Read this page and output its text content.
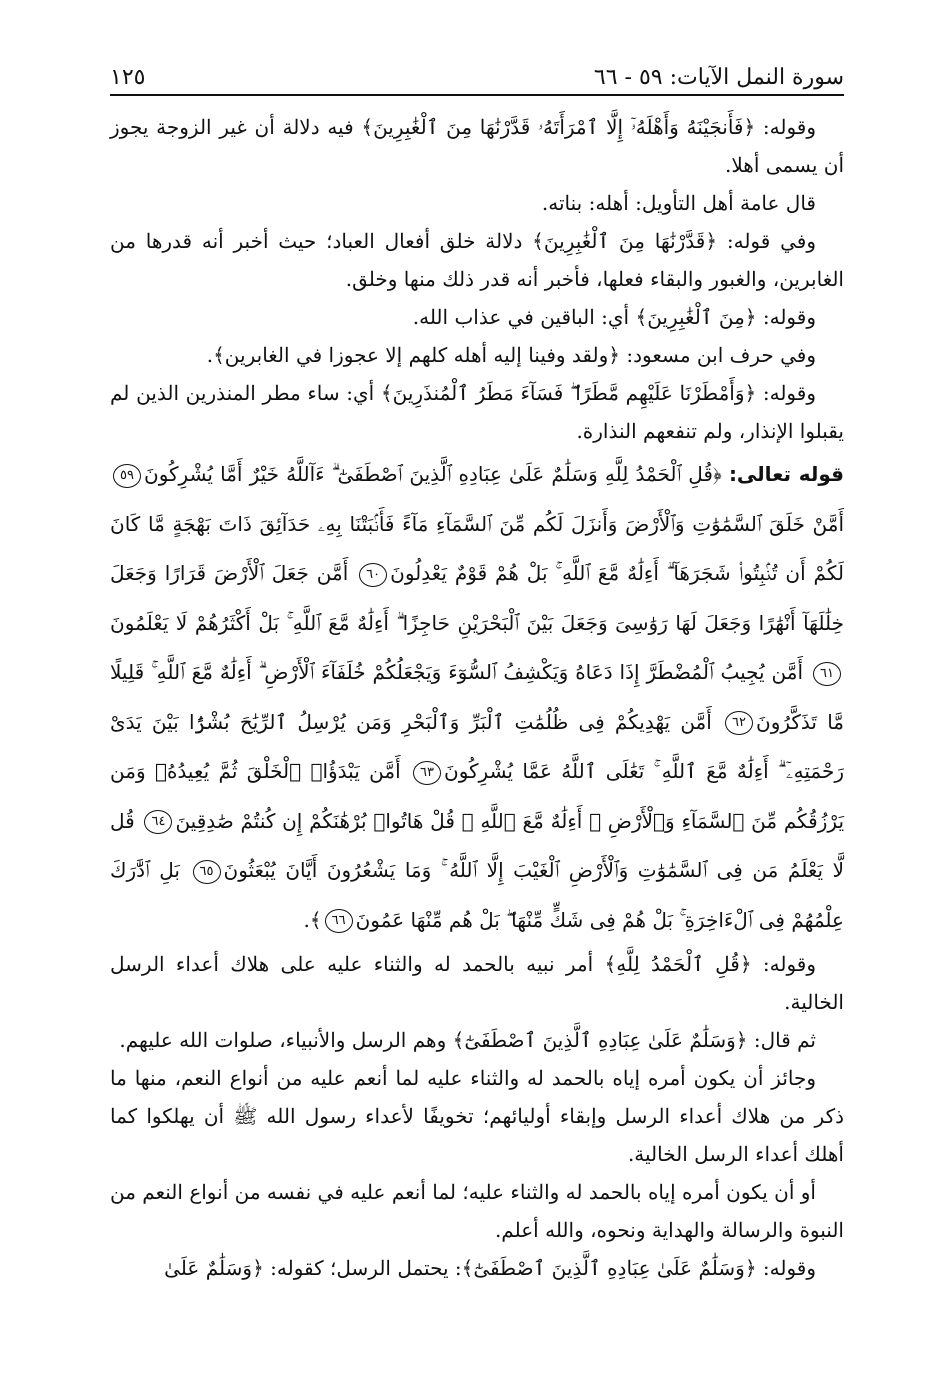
سورة النمل الآيات: ٥٩ - ٦٦
١٢٥

وقوله: ﴿فَأَنجَيْنَهُ وَأَهْلَهُۥٓ إِلَّا ٱمْرَأَتَهُۥ قَدَّرْنَٰهَا مِنَ ٱلْغَٰبِرِينَ﴾ فيه دلالة أن غير الزوجة يجوز أن يسمى أهلا.

قال عامة أهل التأويل: أهله: بناته.

وفي قوله: ﴿قَدَّرْنَٰهَا مِنَ ٱلْغَٰبِرِينَ﴾ دلالة خلق أفعال العباد؛ حيث أخبر أنه قدرها من الغابرين، والغبور والبقاء فعلها، فأخبر أنه قدر ذلك منها وخلق.

وقوله: ﴿مِنَ ٱلْغَٰبِرِينَ﴾ أي: الباقين في عذاب الله.

وفي حرف ابن مسعود: ﴿ولقد وفينا إليه أهله كلهم إلا عجوزا في الغابرين﴾.

وقوله: ﴿وَأَمْطَرْنَا عَلَيْهِم مَّطَرًا ۖ فَسَآءَ مَطَرُ ٱلْمُنذَرِينَ﴾ أي: ساء مطر المنذرين الذين لم يقبلوا الإنذار، ولم تنفعهم النذارة.

قوله تعالى: ﴿قُلِ ٱلْحَمْدُ لِلَّهِ وَسَلَٰمٌ عَلَىٰ عِبَادِهِ ٱلَّذِينَ ٱصْطَفَىٰٓ ۗ ءَآللَّهُ خَيْرٌ أَمَّا يُشْرِكُونَ٥٩ أَمَّنْ خَلَقَ ٱلسَّمَٰوَٰتِ وَٱلْأَرْضَ وَأَنزَلَ لَكُم مِّنَ ٱلسَّمَآءِ مَآءً فَأَنۢبَتْنَا بِهِۦ حَدَآئِقَ ذَاتَ بَهْجَةٍ مَّا كَانَ لَكُمْ أَن تُنۢبِتُوا۟ شَجَرَهَآ ۗ أَءِلَٰهٌ مَّعَ ٱللَّهِ ۚ بَلْ هُمْ قَوْمٌ يَعْدِلُونَ٦٠ أَمَّن جَعَلَ ٱلْأَرْضَ قَرَارًا وَجَعَلَ خِلَٰلَهَآ أَنْهَٰرًا وَجَعَلَ لَهَا رَوَٰسِىَ وَجَعَلَ بَيْنَ ٱلْبَحْرَيْنِ حَاجِزًا ۗ أَءِلَٰهٌ مَّعَ ٱللَّهِ ۚ بَلْ أَكْثَرُهُمْ لَا يَعْلَمُونَ٦١ أَمَّن يُجِيبُ ٱلْمُضْطَرَّ إِذَا دَعَاهُ وَيَكْشِفُ ٱلسُّوٓءَ وَيَجْعَلُكُمْ خُلَفَآءَ ٱلْأَرْضِ ۗ أَءِلَٰهٌ مَّعَ ٱللَّهِ ۚ قَلِيلًا مَّا تَذَكَّرُونَ٦٢ أَمَّن يَهْدِيكُمْ فِى ظُلُمَٰتِ ٱلْبَرِّ وَٱلْبَحْرِ وَمَن يُرْسِلُ ٱلرِّيَٰحَ بُشْرًۢا بَيْنَ يَدَىْ رَحْمَتِهِۦٓ ۗ أَءِلَٰهٌ مَّعَ ٱللَّهِ ۚ تَعَٰلَى ٱللَّهُ عَمَّا يُشْرِكُونَ٦٣ أَمَّن يَبْدَؤُا۟ ٱلْخَلْقَ ثُمَّ يُعِيدُهُۥ وَمَن يَرْزُقُكُم مِّنَ ٱلسَّمَآءِ وَٱلْأَرْضِ ۗ أَءِلَٰهٌ مَّعَ ٱللَّهِ ۚ قُلْ هَاتُوا۟ بُرْهَٰنَكُمْ إِن كُنتُمْ صَٰدِقِينَ٦٤ قُل لَّا يَعْلَمُ مَن فِى ٱلسَّمَٰوَٰتِ وَٱلْأَرْضِ ٱلْغَيْبَ إِلَّا ٱللَّهُ ۚ وَمَا يَشْعُرُونَ أَيَّانَ يُبْعَثُونَ٦٥ بَلِ ٱدَّٰرَكَ عِلْمُهُمْ فِى ٱلْءَاخِرَةِ ۚ بَلْ هُمْ فِى شَكٍّ مِّنْهَا ۖ بَلْ هُم مِّنْهَا عَمُونَ٦٦﴾.

وقوله: ﴿قُلِ ٱلْحَمْدُ لِلَّهِ﴾ أمر نبيه بالحمد له والثناء عليه على هلاك أعداء الرسل الخالية.

ثم قال: ﴿وَسَلَٰمٌ عَلَىٰ عِبَادِهِ ٱلَّذِينَ ٱصْطَفَىٰٓ﴾ وهم الرسل والأنبياء، صلوات الله عليهم.

وجائز أن يكون أمره إياه بالحمد له والثناء عليه لما أنعم عليه من أنواع النعم، منها ما ذكر من هلاك أعداء الرسل وإبقاء أوليائهم؛ تخويفًا لأعداء رسول الله ﷺ أن يهلكوا كما أهلك أعداء الرسل الخالية.

أو أن يكون أمره إياه بالحمد له والثناء عليه؛ لما أنعم عليه في نفسه من أنواع النعم من النبوة والرسالة والهداية ونحوه، والله أعلم.

وقوله: ﴿وَسَلَٰمٌ عَلَىٰ عِبَادِهِ ٱلَّذِينَ ٱصْطَفَىٰٓ﴾: يحتمل الرسل؛ كقوله: ﴿وَسَلَٰمٌ عَلَىٰ
